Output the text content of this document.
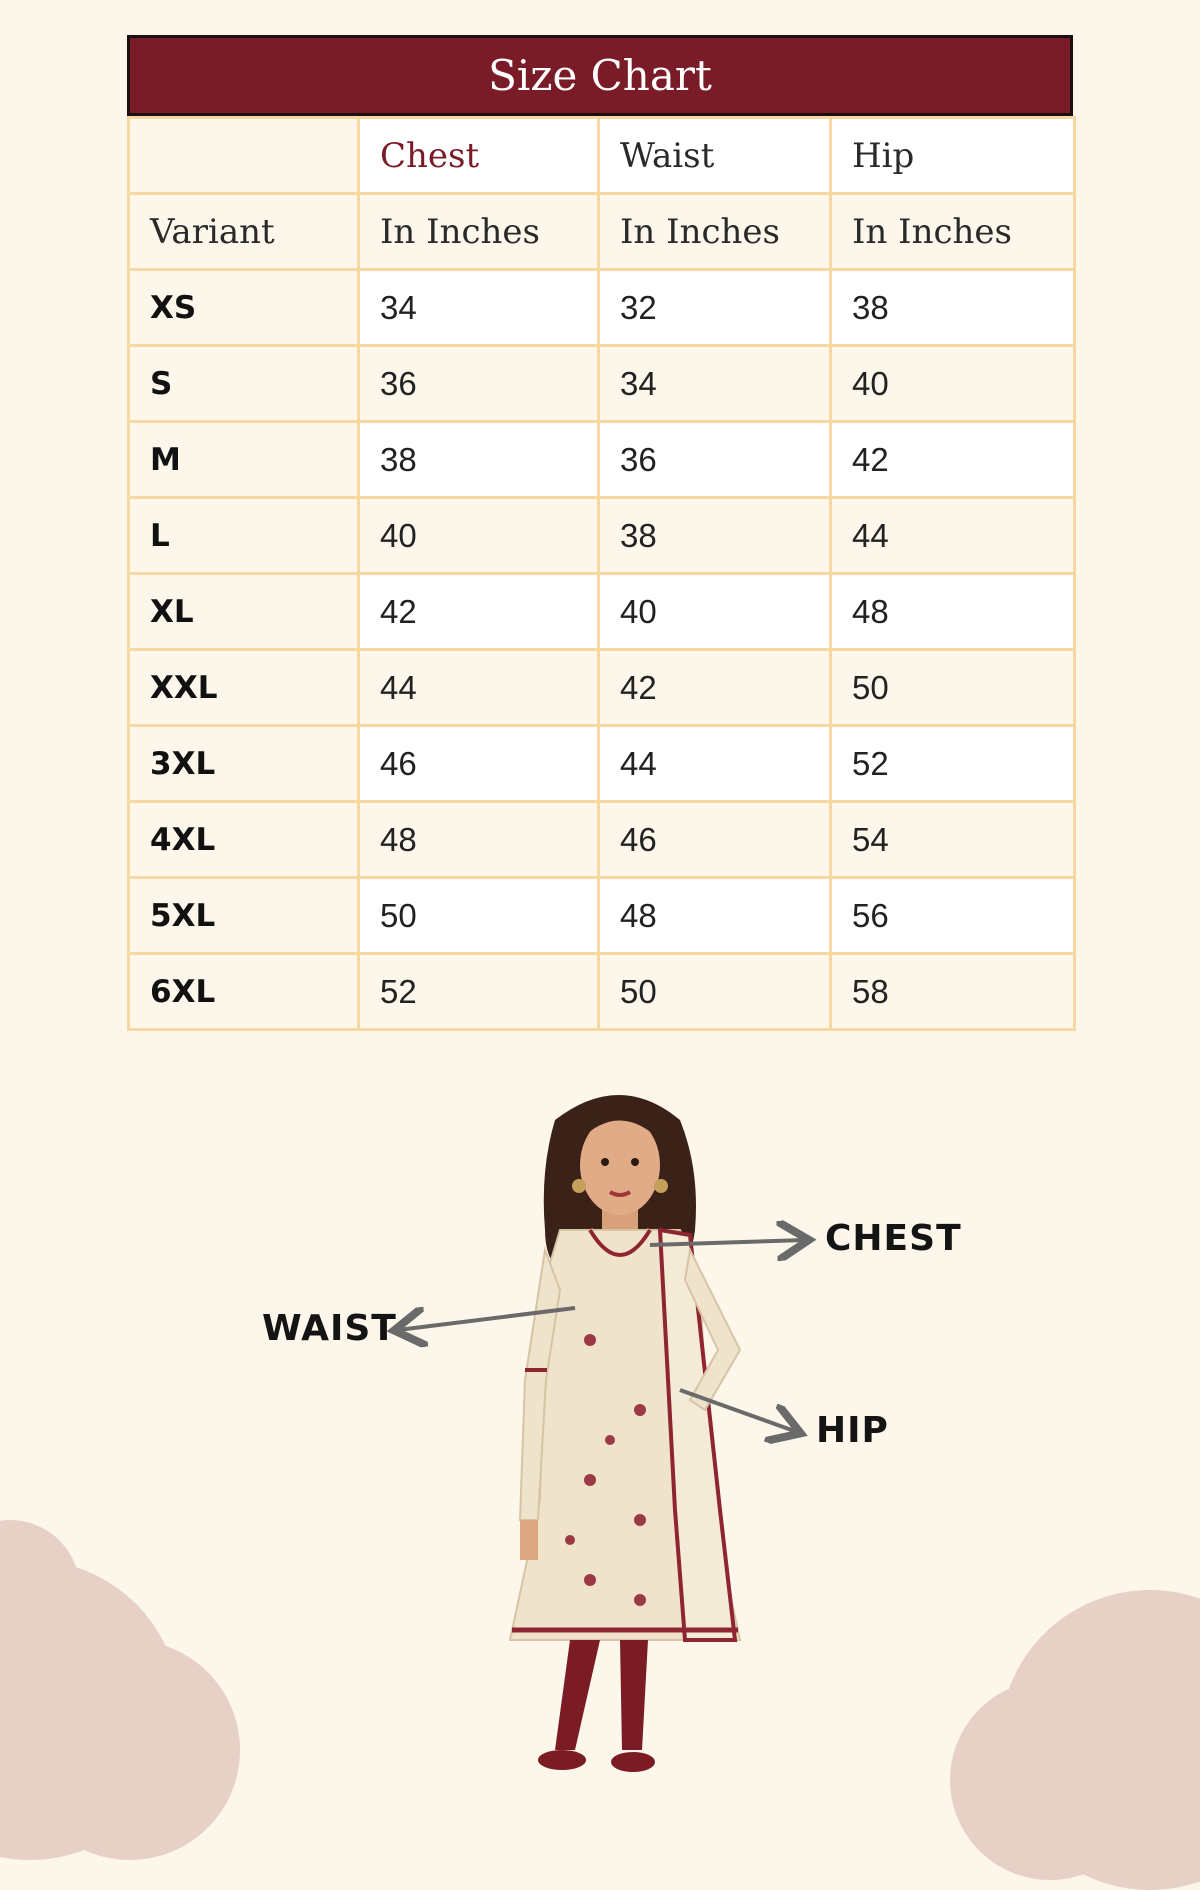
Size Chart
	Chest	Waist	Hip
Variant	In Inches	In Inches	In Inches
XS	34	32	38
S	36	34	40
M	38	36	42
L	40	38	44
XL	42	40	48
XXL	44	42	50
3XL	46	44	52
4XL	48	46	54
5XL	50	48	56
6XL	52	50	58
CHEST
WAIST
HIP
